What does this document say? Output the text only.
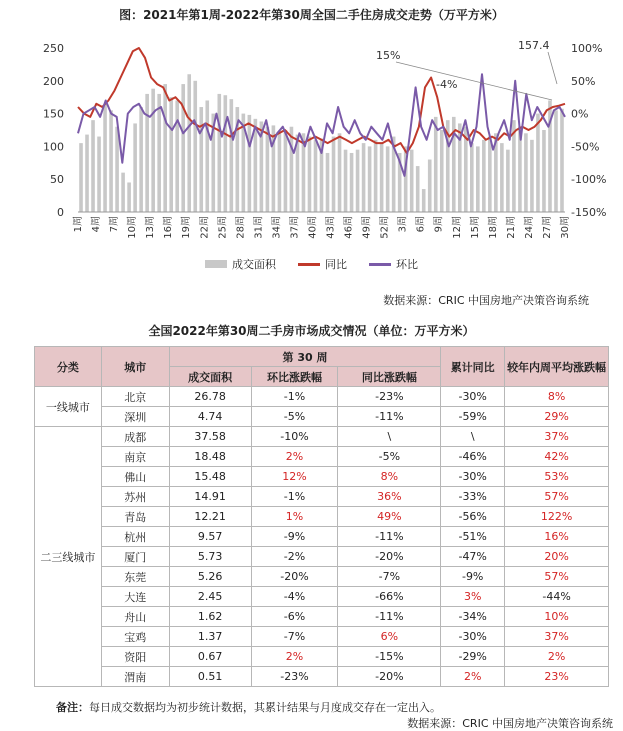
图：2021年第1周-2022年第30周全国二手住房成交走势（万平方米）
0
50
100
150
200
250
-150%
-100%
-50%
0%
50%
100%
1周 4周 7周 10周 13周 16周 19周 22周 25周 28周 31周 34周 37周 40周 43周 46周 49周 52周 3周 6周 9周 12周 15周 18周 21周 24周 27周 30周
15%
-4%
157.4
成交面积	同比	环比
数据来源：CRIC 中国房地产决策咨询系统
全国2022年第30周二手房市场成交情况（单位：万平方米）
分类	城市	第 30 周			累计同比	较年内周平均涨跌幅
		成交面积	环比涨跌幅	同比涨跌幅		
一线城市	北京	26.78	-1%	-23%	-30%	8%
	深圳	4.74	-5%	-11%	-59%	29%
二三线城市	成都	37.58	-10%	\	\	37%
	南京	18.48	2%	-5%	-46%	42%
	佛山	15.48	12%	8%	-30%	53%
	苏州	14.91	-1%	36%	-33%	57%
	青岛	12.21	1%	49%	-56%	122%
	杭州	9.57	-9%	-11%	-51%	16%
	厦门	5.73	-2%	-20%	-47%	20%
	东莞	5.26	-20%	-7%	-9%	57%
	大连	2.45	-4%	-66%	3%	-44%
	舟山	1.62	-6%	-11%	-34%	10%
	宝鸡	1.37	-7%	6%	-30%	37%
	资阳	0.67	2%	-15%	-29%	2%
	渭南	0.51	-23%	-20%	2%	23%
备注：每日成交数据均为初步统计数据，其累计结果与月度成交存在一定出入。
数据来源：CRIC 中国房地产决策咨询系统
